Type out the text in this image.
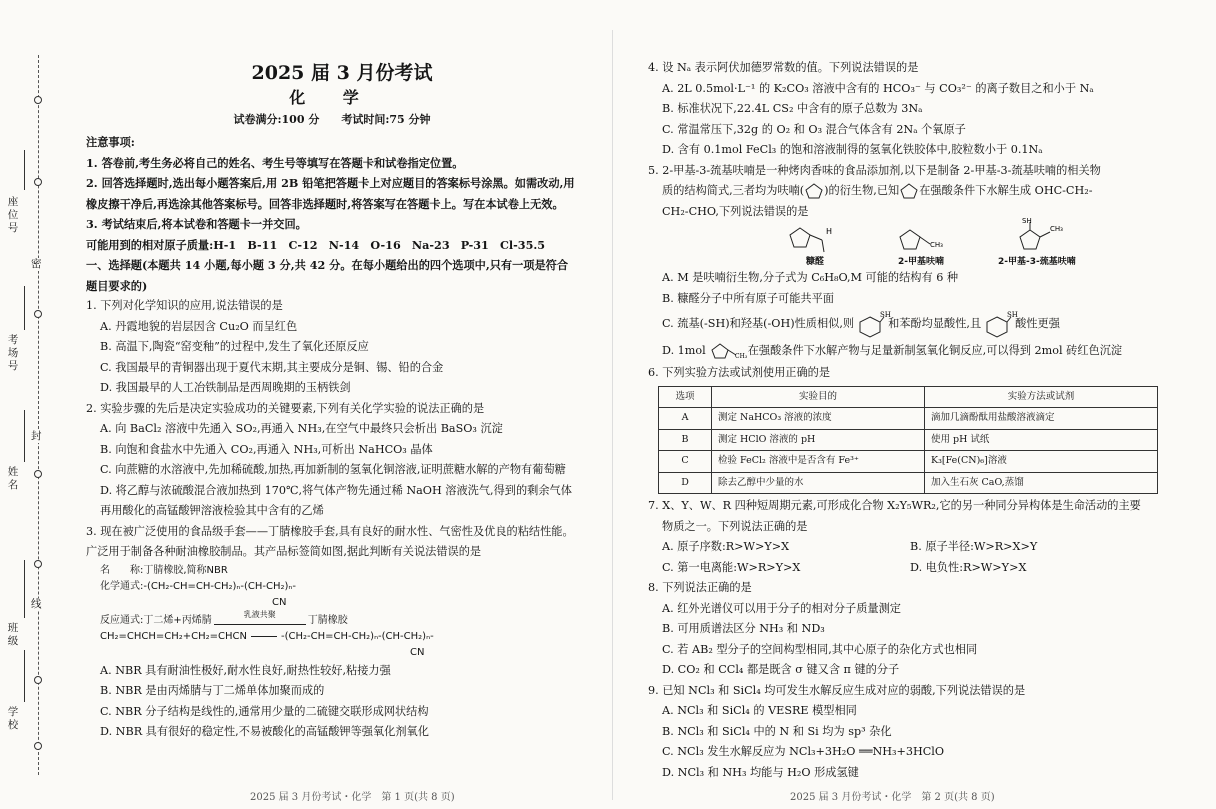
密
封
线
座位号
考场号
姓名
班级
学校
2025 届 3 月份考试
化 学
试卷满分:100 分　　考试时间:75 分钟

注意事项:

1. 答卷前,考生务必将自己的姓名、考生号等填写在答题卡和试卷指定位置。

2. 回答选择题时,选出每小题答案后,用 2B 铅笔把答题卡上对应题目的答案标号涂黑。如需改动,用橡皮擦干净后,再选涂其他答案标号。回答非选择题时,将答案写在答题卡上。写在本试卷上无效。

3. 考试结束后,将本试卷和答题卡一并交回。

可能用到的相对原子质量:H-1　B-11　C-12　N-14　O-16　Na-23　P-31　Cl-35.5

一、选择题(本题共 14 小题,每小题 3 分,共 42 分。在每小题给出的四个选项中,只有一项是符合题目要求的)

1. 下列对化学知识的应用,说法错误的是

A. 丹霞地貌的岩层因含 Cu₂O 而呈红色

B. 高温下,陶瓷“窑变釉”的过程中,发生了氧化还原反应

C. 我国最早的青铜器出现于夏代末期,其主要成分是铜、锡、铅的合金

D. 我国最早的人工冶铁制品是西周晚期的玉柄铁剑

2. 实验步骤的先后是决定实验成功的关键要素,下列有关化学实验的说法正确的是

A. 向 BaCl₂ 溶液中先通入 SO₂,再通入 NH₃,在空气中最终只会析出 BaSO₃ 沉淀

B. 向饱和食盐水中先通入 CO₂,再通入 NH₃,可析出 NaHCO₃ 晶体

C. 向蔗糖的水溶液中,先加稀硫酸,加热,再加新制的氢氧化铜溶液,证明蔗糖水解的产物有葡萄糖

D. 将乙醇与浓硫酸混合液加热到 170℃,将气体产物先通过稀 NaOH 溶液洗气,得到的剩余气体再用酸化的高锰酸钾溶液检验其中含有的乙烯

3. 现在被广泛使用的食品级手套——丁腈橡胶手套,具有良好的耐水性、气密性及优良的粘结性能。广泛用于制备各种耐油橡胶制品。其产品标签简如图,据此判断有关说法错误的是

名　　称:丁腈橡胶,简称NBR
化学通式:-(CH₂-CH=CH-CH₂)ₙ-(CH-CH₂)ₙ-
CN
反应通式:丁二烯+丙烯腈	乳液共聚	丁腈橡胶
CH₂=CHCH=CH₂+CH₂=CHCN	-(CH₂-CH=CH-CH₂)ₙ-(CH-CH₂)ₙ-
CN

A. NBR 具有耐油性极好,耐水性良好,耐热性较好,粘接力强

B. NBR 是由丙烯腈与丁二烯单体加聚而成的

C. NBR 分子结构是线性的,通常用少量的二硫键交联形成网状结构

D. NBR 具有很好的稳定性,不易被酸化的高锰酸钾等强氧化剂氧化

4. 设 Nₐ 表示阿伏加德罗常数的值。下列说法错误的是

A. 2L 0.5mol·L⁻¹ 的 K₂CO₃ 溶液中含有的 HCO₃⁻ 与 CO₃²⁻ 的离子数目之和小于 Nₐ

B. 标准状况下,22.4L CS₂ 中含有的原子总数为 3Nₐ

C. 常温常压下,32g 的 O₂ 和 O₃ 混合气体含有 2Nₐ 个氧原子

D. 含有 0.1mol FeCl₃ 的饱和溶液制得的氢氧化铁胶体中,胶粒数小于 0.1Nₐ

5. 2-甲基-3-巯基呋喃是一种烤肉香味的食品添加剂,以下是制备 2-甲基-3-巯基呋喃的相关物

质的结构简式,三者均为呋喃( )的衍生物,已知 在强酸条件下水解生成 OHC-CH₂-

CH₂-CHO,下列说法错误的是

H
糠醛
CH₃
2-甲基呋喃
SH
CH₃
2-甲基-3-巯基呋喃

A. M 是呋喃衍生物,分子式为 C₆H₈O,M 可能的结构有 6 种

B. 糠醛分子中所有原子可能共平面

C. 巯基(-SH)和羟基(-OH)性质相似,则
SH
和苯酚均显酸性,且
SH
酸性更强

D. 1mol	CH₃ 在强酸条件下水解产物与足量新制氢氧化铜反应,可以得到 2mol 砖红色沉淀

6. 下列实验方法或试剂使用正确的是

选项	实验目的	实验方法或试剂
A	测定 NaHCO₃ 溶液的浓度	滴加几滴酚酞用盐酸溶液滴定
B	测定 HClO 溶液的 pH	使用 pH 试纸
C	检验 FeCl₂ 溶液中是否含有 Fe³⁺	K₃[Fe(CN)₆]溶液
D	除去乙醇中少量的水	加入生石灰 CaO,蒸馏

7. X、Y、W、R 四种短周期元素,可形成化合物 X₂Y₅WR₂,它的另一种同分异构体是生命活动的主要

物质之一。下列说法正确的是

A. 原子序数:R>W>Y>X	B. 原子半径:W>R>X>Y
C. 第一电离能:W>R>Y>X	D. 电负性:R>W>Y>X

8. 下列说法正确的是

A. 红外光谱仪可以用于分子的相对分子质量测定

B. 可用质谱法区分 NH₃ 和 ND₃

C. 若 AB₂ 型分子的空间构型相同,其中心原子的杂化方式也相同

D. CO₂ 和 CCl₄ 都是既含 σ 键又含 π 键的分子

9. 已知 NCl₃ 和 SiCl₄ 均可发生水解反应生成对应的弱酸,下列说法错误的是

A. NCl₃ 和 SiCl₄ 的 VESRE 模型相同

B. NCl₃ 和 SiCl₄ 中的 N 和 Si 均为 sp³ 杂化

C. NCl₃ 发生水解反应为 NCl₃+3H₂O ══NH₃+3HClO

D. NCl₃ 和 NH₃ 均能与 H₂O 形成氢键

2025 届 3 月份考试・化学　第 1 页(共 8 页)	2025 届 3 月份考试・化学　第 2 页(共 8 页)
